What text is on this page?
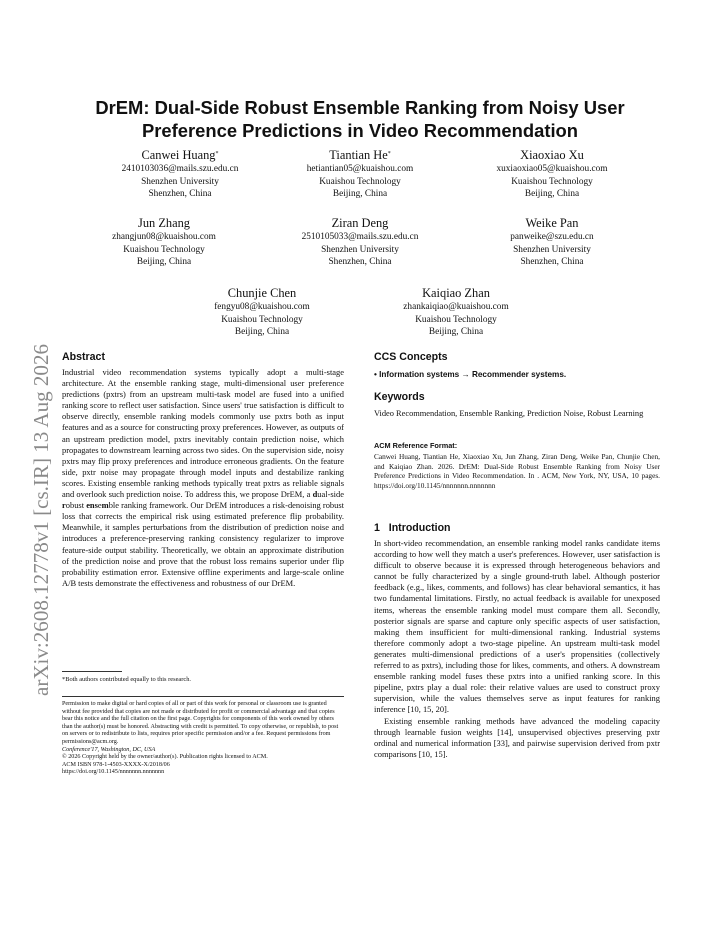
arXiv:2608.12778v1 [cs.IR] 13 Aug 2026
DrEM: Dual-Side Robust Ensemble Ranking from Noisy User
Preference Predictions in Video Recommendation
Canwei Huang*
2410103036@mails.szu.edu.cn
Shenzhen University
Shenzhen, China
Tiantian He*
hetiantian05@kuaishou.com
Kuaishou Technology
Beijing, China
Xiaoxiao Xu
xuxiaoxiao05@kuaishou.com
Kuaishou Technology
Beijing, China
Jun Zhang
zhangjun08@kuaishou.com
Kuaishou Technology
Beijing, China
Ziran Deng
2510105033@mails.szu.edu.cn
Shenzhen University
Shenzhen, China
Weike Pan
panweike@szu.edu.cn
Shenzhen University
Shenzhen, China
Chunjie Chen
fengyu08@kuaishou.com
Kuaishou Technology
Beijing, China
Kaiqiao Zhan
zhankaiqiao@kuaishou.com
Kuaishou Technology
Beijing, China
Abstract
Industrial video recommendation systems typically adopt a multi-stage architecture. At the ensemble ranking stage, multi-dimensional user preference predictions (pxtrs) from an upstream multi-task model are fused into a unified ranking score to reflect user satisfaction. Since users' true satisfaction is difficult to observe directly, ensemble ranking models commonly use pxtrs both as input features and as a source for constructing proxy preferences. However, as outputs of an upstream prediction model, pxtrs inevitably contain prediction noise, which propagates to downstream learning across two sides. On the supervision side, noisy pxtrs may flip proxy preferences and introduce erroneous gradients. On the feature side, pxtr noise may propagate through model inputs and destabilize ranking scores. Existing ensemble ranking methods typically treat pxtrs as reliable signals and overlook such prediction noise. To address this, we propose DrEM, a dual-side robust ensemble ranking framework. Our DrEM introduces a risk-denoising robust loss that corrects the empirical risk using estimated preference flip probability. Meanwhile, it samples perturbations from the distribution of prediction noise and introduces a preference-preserving ranking consistency regularizer to improve feature-side output stability. Theoretically, we obtain an approximate distribution of the prediction noise and prove that the robust loss remains superior under flip probability estimation error. Extensive offline experiments and large-scale online A/B tests demonstrate the effectiveness and robustness of our DrEM.
*Both authors contributed equally to this research.
Permission to make digital or hard copies of all or part of this work for personal or classroom use is granted without fee provided that copies are not made or distributed for profit or commercial advantage and that copies bear this notice and the full citation on the first page. Copyrights for components of this work owned by others than the author(s) must be honored. Abstracting with credit is permitted. To copy otherwise, or republish, to post on servers or to redistribute to lists, requires prior specific permission and/or a fee. Request permissions from permissions@acm.org.
Conference'17, Washington, DC, USA
© 2026 Copyright held by the owner/author(s). Publication rights licensed to ACM.
ACM ISBN 978-1-4503-XXXX-X/2018/06
https://doi.org/10.1145/nnnnnnn.nnnnnnn
CCS Concepts
• Information systems → Recommender systems.
Keywords
Video Recommendation, Ensemble Ranking, Prediction Noise, Robust Learning
ACM Reference Format:
Canwei Huang, Tiantian He, Xiaoxiao Xu, Jun Zhang, Ziran Deng, Weike Pan, Chunjie Chen, and Kaiqiao Zhan. 2026. DrEM: Dual-Side Robust Ensemble Ranking from Noisy User Preference Predictions in Video Recommendation. In . ACM, New York, NY, USA, 10 pages. https://doi.org/10.1145/nnnnnnn.nnnnnnn
1 Introduction

In short-video recommendation, an ensemble ranking model ranks candidate items according to how well they match a user's preferences. However, user satisfaction is difficult to observe because it is expressed through heterogeneous behaviors and cannot be fully characterized by a single ground-truth label. Although posterior feedback (e.g., likes, comments, and follows) has clear behavioral semantics, it has two fundamental limitations. Firstly, no actual feedback is available for unexposed items, whereas the ensemble ranking model must compare them all. Secondly, posterior signals are sparse and capture only specific aspects of user satisfaction, making them insufficient for multi-dimensional ranking. Industrial systems therefore commonly adopt a two-stage pipeline. An upstream multi-task model generates multi-dimensional predictions of a user's propensities (collectively referred to as pxtrs), including those for likes, comments, and others. A downstream ensemble ranking model fuses these pxtrs into a unified ranking score. In this pipeline, pxtrs play a dual role: their relative values are used to construct proxy supervision, while the values themselves serve as input features for ranking inference [10, 15, 20].

Existing ensemble ranking methods have advanced the modeling capacity through learnable fusion weights [14], unsupervised objectives preserving pxtr ordinal and numerical information [33], and pairwise supervision derived from pxtr comparisons [10, 15].
